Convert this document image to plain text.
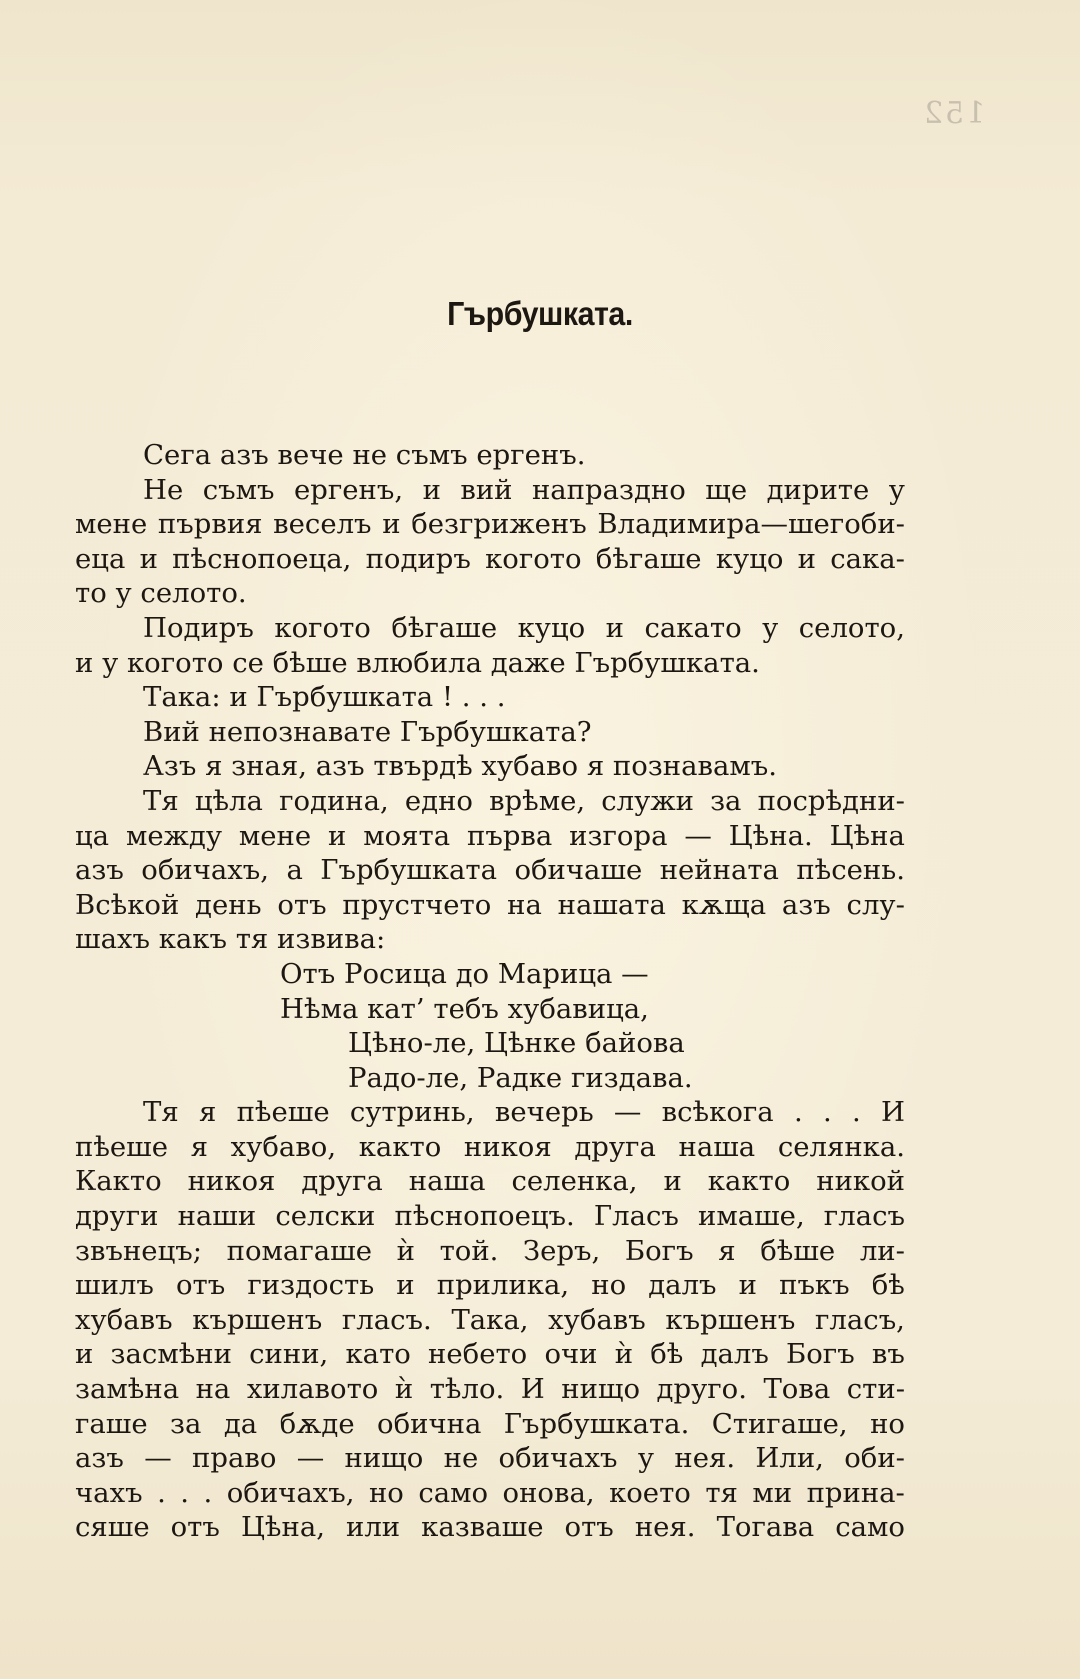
152
Гърбушката.
Сега азъ вече не съмъ ергенъ.
Не съмъ ергенъ, и вий напраздно ще дирите у
мене първия веселъ и безгриженъ Владимира—шегоби-
еца и пѣснопоеца, подиръ когото бѣгаше куцо и сака-
то у селото.
Подиръ когото бѣгаше куцо и сакато у селото,
и у когото се бѣше влюбила даже Гърбушката.
Така: и Гърбушката ! . . .
Вий непознавате Гърбушката?
Азъ я зная, азъ твърдѣ хубаво я познавамъ.
Тя цѣла година, едно врѣме, служи за посрѣдни-
ца между мене и моята първа изгора — Цѣна. Цѣна
азъ обичахъ, а Гърбушката обичаше нейната пѣсень.
Всѣкой день отъ прустчето на нашата кѫща азъ слу-
шахъ какъ тя извива:
Отъ Росица до Марица —
Нѣма кат’ тебъ хубавица,
Цѣно-ле, Цѣнке байова
Радо-ле, Радке гиздава.
Тя я пѣеше сутринь, вечерь — всѣкога . . . И
пѣеше я хубаво, както никоя друга наша селянка.
Както никоя друга наша селенка, и както никой
други наши селски пѣснопоецъ. Гласъ имаше, гласъ
звънецъ; помагаше ѝ той. Зеръ, Богъ я бѣше ли-
шилъ отъ гиздость и прилика, но далъ и пъкъ бѣ
хубавъ кършенъ гласъ. Така, хубавъ кършенъ гласъ,
и засмѣни сини, като небето очи ѝ бѣ далъ Богъ въ
замѣна на хилавото ѝ тѣло. И нищо друго. Това сти-
гаше за да бѫде обична Гърбушката. Стигаше, но
азъ — право — нищо не обичахъ у нея. Или, оби-
чахъ . . . обичахъ, но само онова, което тя ми прина-
сяше отъ Цѣна, или казваше отъ нея. Тогава само
